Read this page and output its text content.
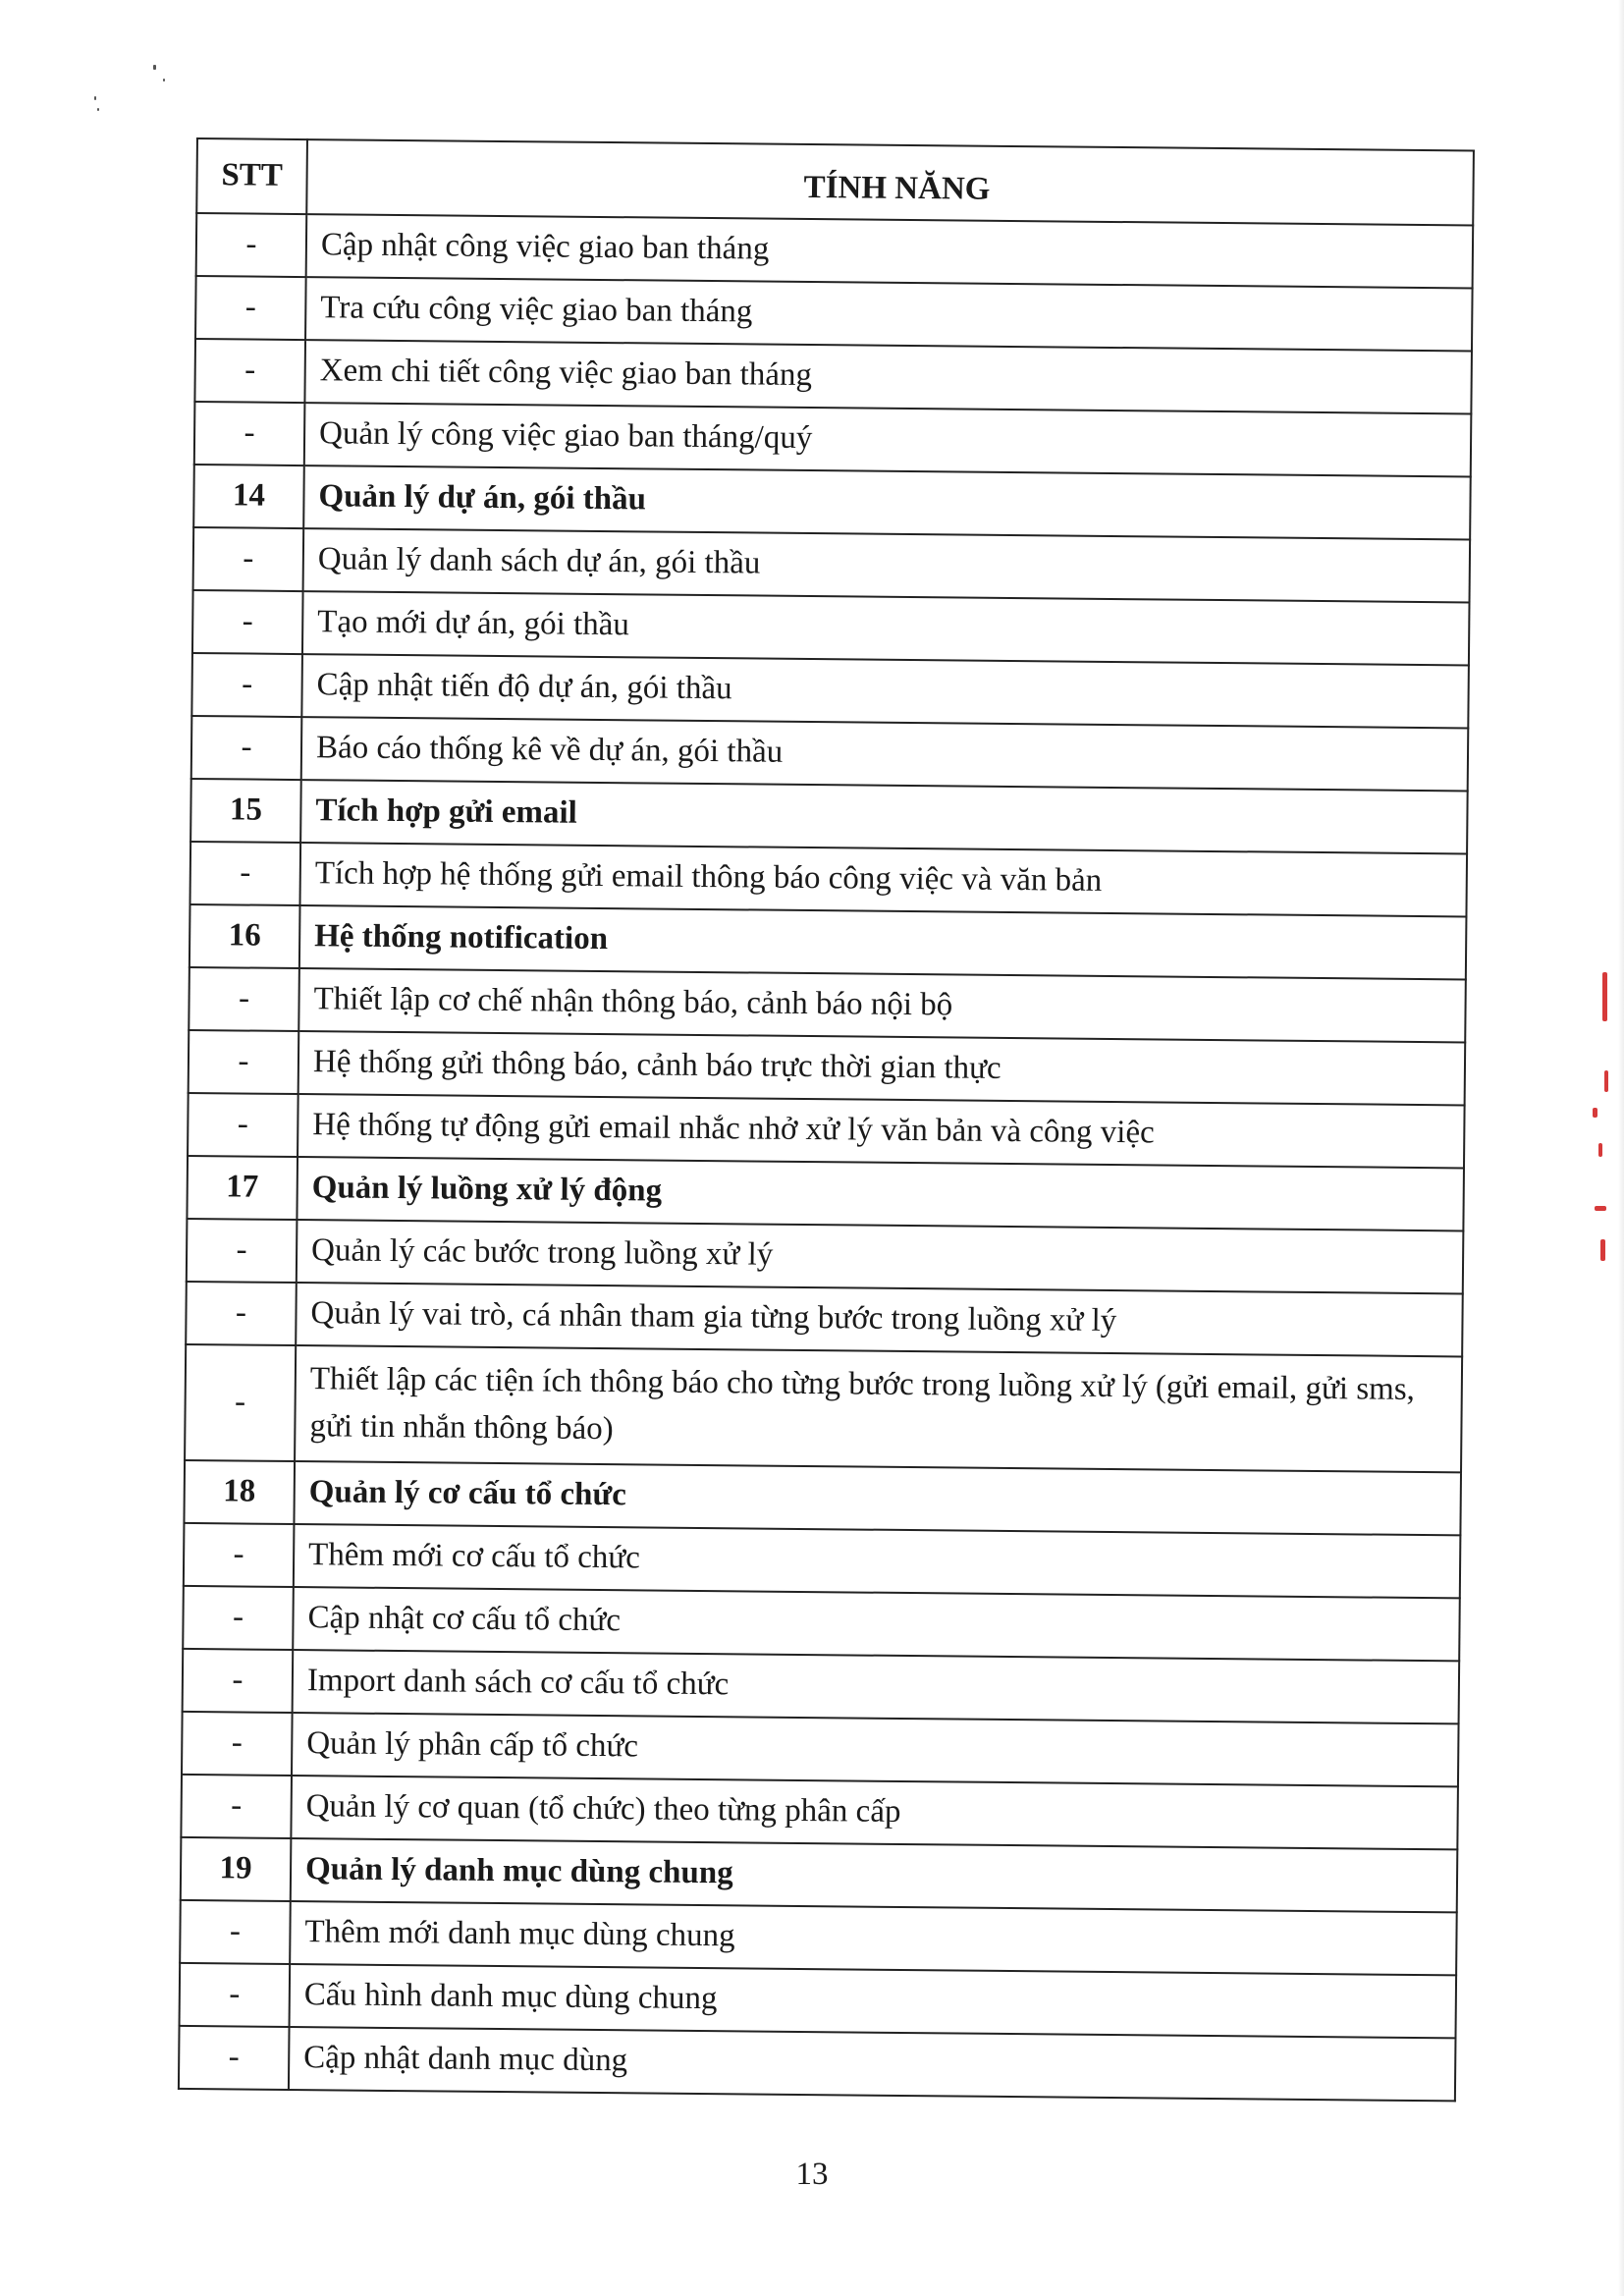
STT	TÍNH NĂNG
-	Cập nhật công việc giao ban tháng
-	Tra cứu công việc giao ban tháng
-	Xem chi tiết công việc giao ban tháng
-	Quản lý công việc giao ban tháng/quý
14	Quản lý dự án, gói thầu
-	Quản lý danh sách dự án, gói thầu
-	Tạo mới dự án, gói thầu
-	Cập nhật tiến độ dự án, gói thầu
-	Báo cáo thống kê về dự án, gói thầu
15	Tích hợp gửi email
-	Tích hợp hệ thống gửi email thông báo công việc và văn bản
16	Hệ thống notification
-	Thiết lập cơ chế nhận thông báo, cảnh báo nội bộ
-	Hệ thống gửi thông báo, cảnh báo trực thời gian thực
-	Hệ thống tự động gửi email nhắc nhở xử lý văn bản và công việc
17	Quản lý luồng xử lý động
-	Quản lý các bước trong luồng xử lý
-	Quản lý vai trò, cá nhân tham gia từng bước trong luồng xử lý
-	Thiết lập các tiện ích thông báo cho từng bước trong luồng xử lý (gửi email, gửi sms, gửi tin nhắn thông báo)
18	Quản lý cơ cấu tổ chức
-	Thêm mới cơ cấu tổ chức
-	Cập nhật cơ cấu tổ chức
-	Import danh sách cơ cấu tổ chức
-	Quản lý phân cấp tổ chức
-	Quản lý cơ quan (tổ chức) theo từng phân cấp
19	Quản lý danh mục dùng chung
-	Thêm mới danh mục dùng chung
-	Cấu hình danh mục dùng chung
-	Cập nhật danh mục dùng
13
